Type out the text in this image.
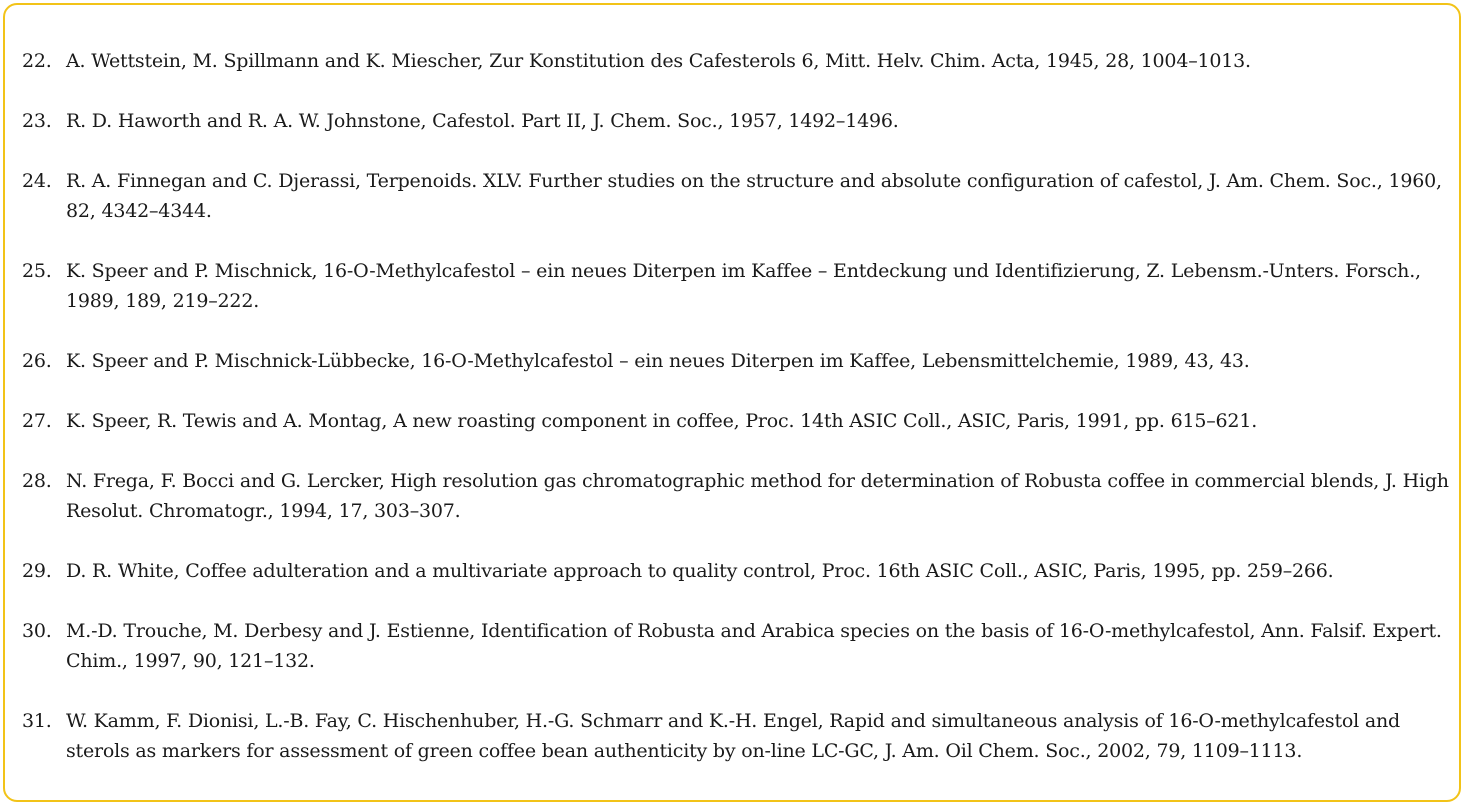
22. A. Wettstein, M. Spillmann and K. Miescher, Zur Konstitution des Cafesterols 6, Mitt. Helv. Chim. Acta, 1945, 28, 1004–1013.
23. R. D. Haworth and R. A. W. Johnstone, Cafestol. Part II, J. Chem. Soc., 1957, 1492–1496.
24. R. A. Finnegan and C. Djerassi, Terpenoids. XLV. Further studies on the structure and absolute configuration of cafestol, J. Am. Chem. Soc., 1960, 82, 4342–4344.
25. K. Speer and P. Mischnick, 16-O-Methylcafestol – ein neues Diterpen im Kaffee – Entdeckung und Identifizierung, Z. Lebensm.-Unters. Forsch., 1989, 189, 219–222.
26. K. Speer and P. Mischnick-Lübbecke, 16-O-Methylcafestol – ein neues Diterpen im Kaffee, Lebensmittelchemie, 1989, 43, 43.
27. K. Speer, R. Tewis and A. Montag, A new roasting component in coffee, Proc. 14th ASIC Coll., ASIC, Paris, 1991, pp. 615–621.
28. N. Frega, F. Bocci and G. Lercker, High resolution gas chromatographic method for determination of Robusta coffee in commercial blends, J. High Resolut. Chromatogr., 1994, 17, 303–307.
29. D. R. White, Coffee adulteration and a multivariate approach to quality control, Proc. 16th ASIC Coll., ASIC, Paris, 1995, pp. 259–266.
30. M.-D. Trouche, M. Derbesy and J. Estienne, Identification of Robusta and Arabica species on the basis of 16-O-methylcafestol, Ann. Falsif. Expert. Chim., 1997, 90, 121–132.
31. W. Kamm, F. Dionisi, L.-B. Fay, C. Hischenhuber, H.-G. Schmarr and K.-H. Engel, Rapid and simultaneous analysis of 16-O-methylcafestol and sterols as markers for assessment of green coffee bean authenticity by on-line LC-GC, J. Am. Oil Chem. Soc., 2002, 79, 1109–1113.
